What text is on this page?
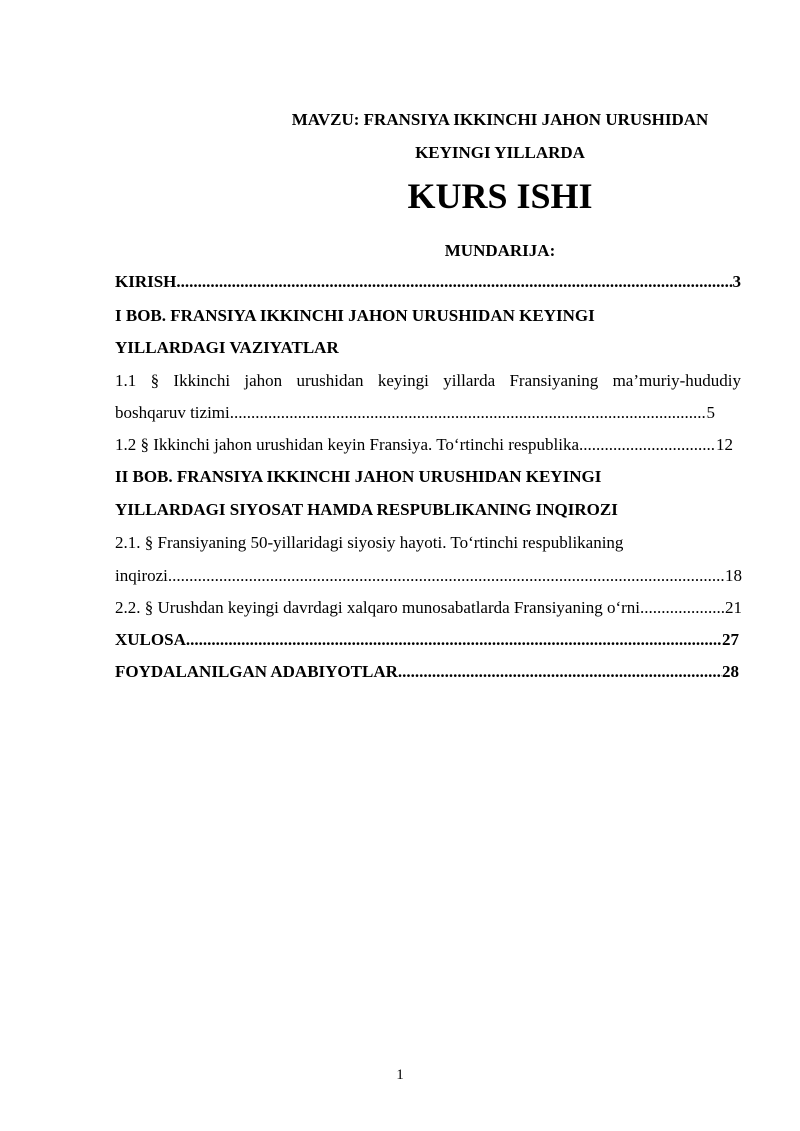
MAVZU: FRANSIYA IKKINCHI JAHON URUSHIDAN
KEYINGI YILLARDA
KURS ISHI
MUNDARIJA:
KIRISH .....	3
I BOB. FRANSIYA IKKINCHI JAHON URUSHIDAN KEYINGI
YILLARDAGI VAZIYATLAR
1.1 § Ikkinchi jahon urushidan keyingi yillarda Fransiyaning ma’muriy-hududiy
boshqaruv tizimi .....	5
1.2 § Ikkinchi jahon urushidan keyin Fransiya. To‘rtinchi respublika .....	12
II BOB. FRANSIYA IKKINCHI JAHON URUSHIDAN KEYINGI
YILLARDAGI SIYOSAT HAMDA RESPUBLIKANING INQIROZI
2.1. § Fransiyaning 50-yillaridagi siyosiy hayoti. To‘rtinchi respublikaning
inqirozi .....	18
2.2. § Urushdan keyingi davrdagi xalqaro munosabatlarda Fransiyaning o‘rni .....	21
XULOSA .....	27
FOYDALANILGAN ADABIYOTLAR .....	28
1
